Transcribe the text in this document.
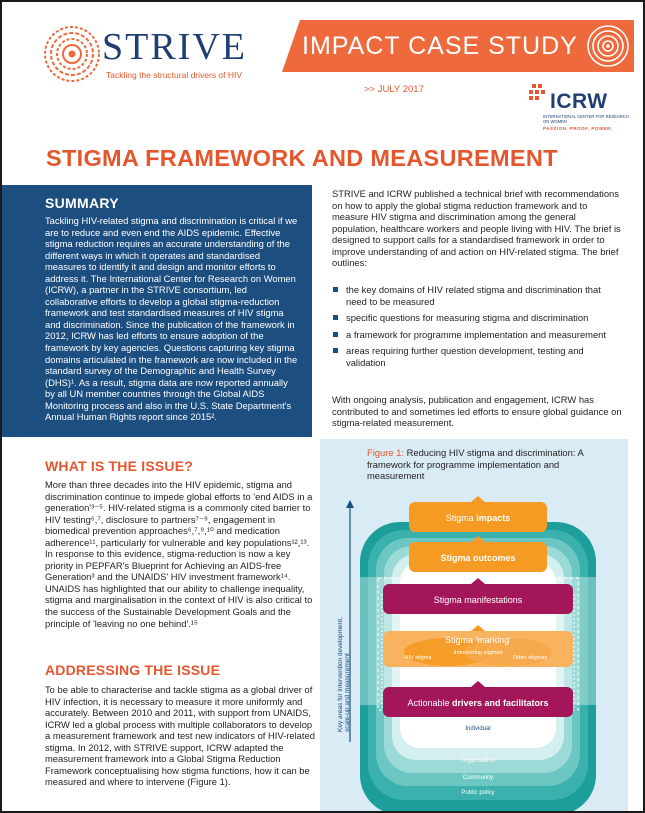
STRIVE
Tackling the structural drivers of HIV
IMPACT CASE STUDY
>> JULY 2017
ICRW
INTERNATIONAL CENTER FOR RESEARCH ON WOMEN
PASSION. PROOF. POWER.
STIGMA FRAMEWORK AND MEASUREMENT
SUMMARY

Tackling HIV-related stigma and discrimination is critical if we are to reduce and even end the AIDS epidemic. Effective stigma reduction requires an accurate understanding of the different ways in which it operates and standardised measures to identify it and design and monitor efforts to address it. The International Center for Research on Women (ICRW), a partner in the STRIVE consortium, led collaborative efforts to develop a global stigma-reduction framework and test standardised measures of HIV stigma and discrimination. Since the publication of the framework in 2012, ICRW has led efforts to ensure adoption of the framework by key agencies. Questions capturing key stigma domains articulated in the framework are now included in the standard survey of the Demographic and Health Survey (DHS)¹. As a result, stigma data are now reported annually by all UN member countries through the Global AIDS Monitoring process and also in the U.S. State Department's Annual Human Rights report since 2015².

WHAT IS THE ISSUE?

More than three decades into the HIV epidemic, stigma and discrimination continue to impede global efforts to 'end AIDS in a generation'³⁻⁵. HIV-related stigma is a commonly cited barrier to HIV testing⁶,⁷, disclosure to partners⁷⁻⁹, engagement in biomedical prevention approaches⁶,⁷,⁹,¹⁰ and medication adherence¹¹, particularly for vulnerable and key populations¹²,¹³. In response to this evidence, stigma-reduction is now a key priority in PEPFAR's Blueprint for Achieving an AIDS-free Generation³ and the UNAIDS' HIV investment framework¹⁴. UNAIDS has highlighted that our ability to challenge inequality, stigma and marginalisation in the context of HIV is also critical to the success of the Sustainable Development Goals and the principle of 'leaving no one behind'.¹⁵

ADDRESSING THE ISSUE

To be able to characterise and tackle stigma as a global driver of HIV infection, it is necessary to measure it more uniformly and accurately. Between 2010 and 2011, with support from UNAIDS, ICRW led a global process with multiple collaborators to develop a measurement framework and test new indicators of HIV-related stigma. In 2012, with STRIVE support, ICRW adapted the measurement framework into a Global Stigma Reduction Framework conceptualising how stigma functions, how it can be measured and where to intervene (Figure 1).

STRIVE and ICRW published a technical brief with recommendations on how to apply the global stigma reduction framework and to measure HIV stigma and discrimination among the general population, healthcare workers and people living with HIV. The brief is designed to support calls for a standardised framework in order to improve understanding of and action on HIV-related stigma. The brief outlines:

the key domains of HIV related stigma and discrimination that need to be measured
specific questions for measuring stigma and discrimination
a framework for programme implementation and measurement
areas requiring further question development, testing and validation

With ongoing analysis, publication and engagement, ICRW has contributed to and sometimes led efforts to ensure global guidance on stigma-related measurement.

Figure 1: Reducing HIV stigma and discrimination: A framework for programme implementation and measurement
Key areas for intervention development, scale-up and measurement
Stigma impacts
Stigma outcomes
Stigma manifestations
Stigma 'marking'
Intersecting stigmas
HIV stigma	Other stigmas
Actionable drivers and facilitators
Individual
Interpersonal
Organisation
Community
Public policy
